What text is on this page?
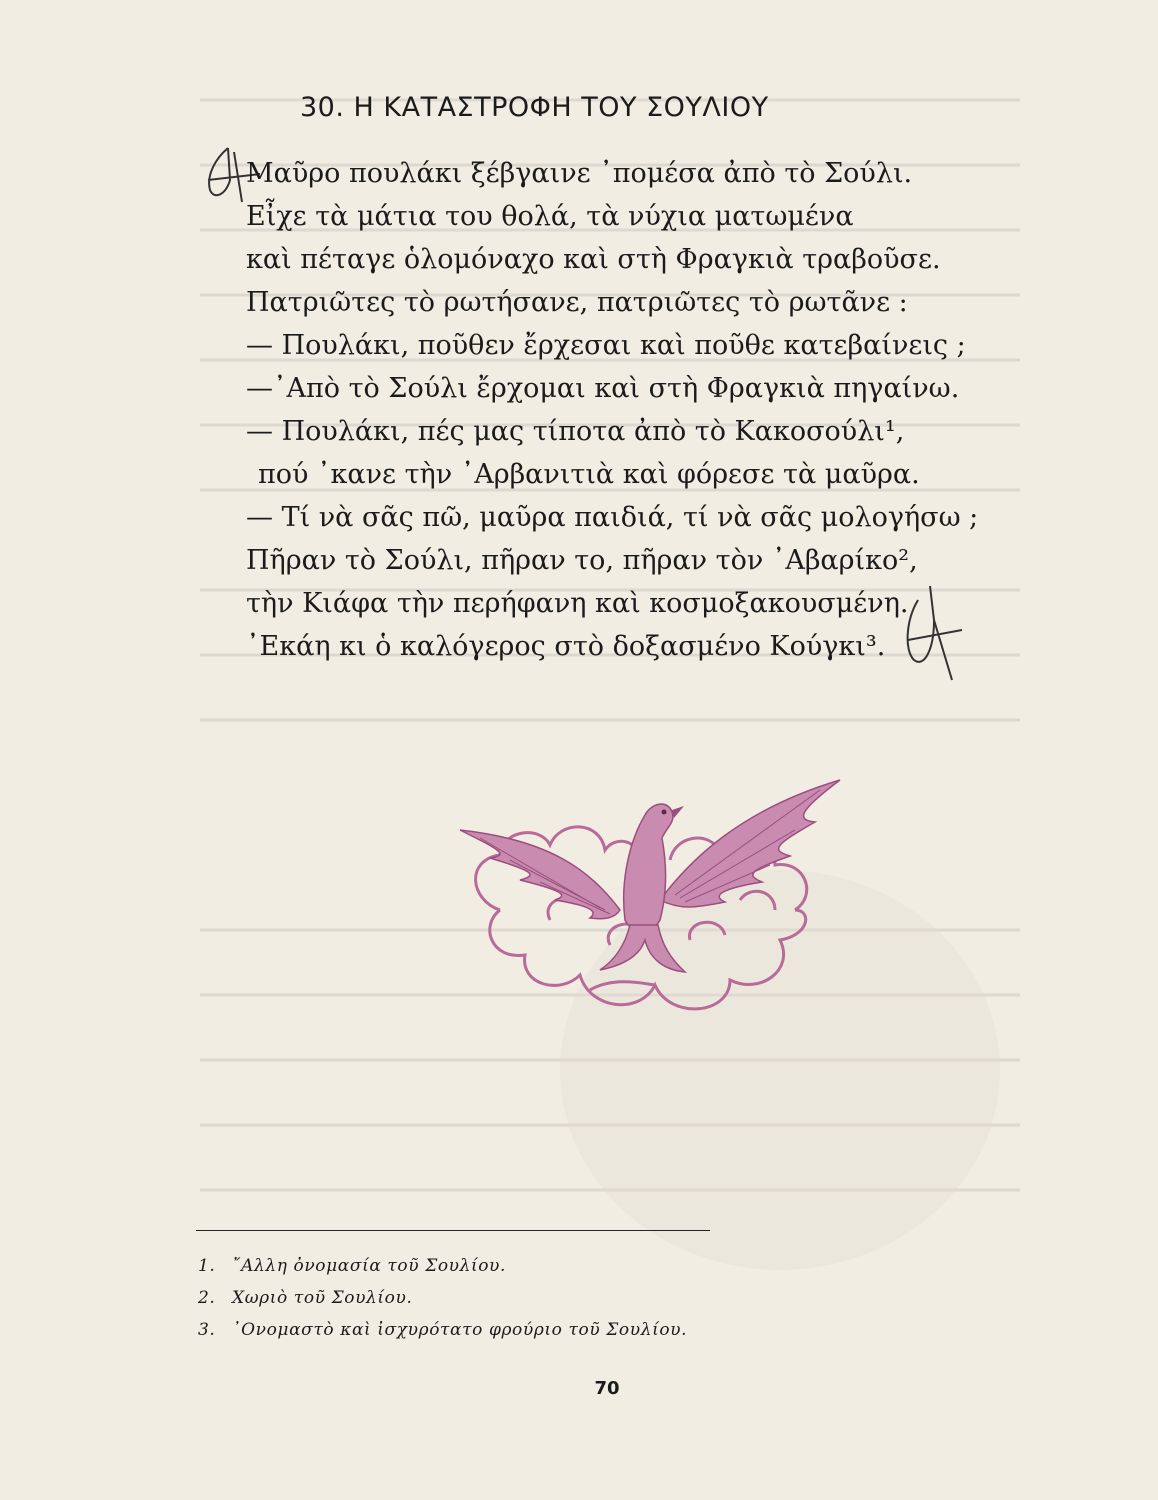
30. Η ΚΑΤΑΣΤΡΟΦΗ ΤΟΥ ΣΟΥΛΙΟΥ
Μαῦρο πουλάκι ξέβγαινε ᾿πομέσα ἀπὸ τὸ Σούλι.
Εἶχε τὰ μάτια του θολά, τὰ νύχια ματωμένα
καὶ πέταγε ὁλομόναχο καὶ στὴ Φραγκιὰ τραβοῦσε.
Πατριῶτες τὸ ρωτήσανε, πατριῶτες τὸ ρωτᾶνε :
— Πουλάκι, ποῦθεν ἔρχεσαι καὶ ποῦθε κατεβαίνεις ;
—᾿Απὸ τὸ Σούλι ἔρχομαι καὶ στὴ Φραγκιὰ πηγαίνω.
— Πουλάκι, πές μας τίποτα ἀπὸ τὸ Κακοσούλι¹,
πού ᾿κανε τὴν ᾿Αρβανιτιὰ καὶ φόρεσε τὰ μαῦρα.
— Τί νὰ σᾶς πῶ, μαῦρα παιδιά, τί νὰ σᾶς μολογήσω ;
Πῆραν τὸ Σούλι, πῆραν το, πῆραν τὸν ᾿Αβαρίκο²,
τὴν Κιάφα τὴν περήφανη καὶ κοσμοξακουσμένη.
᾿Εκάη κι ὁ καλόγερος στὸ δοξασμένο Κούγκι³.
1. ῎Αλλη ὀνομασία τοῦ Σουλίου.
2. Χωριὸ τοῦ Σουλίου.
3. ᾿Ονομαστὸ καὶ ἰσχυρότατο φρούριο τοῦ Σουλίου.
70
